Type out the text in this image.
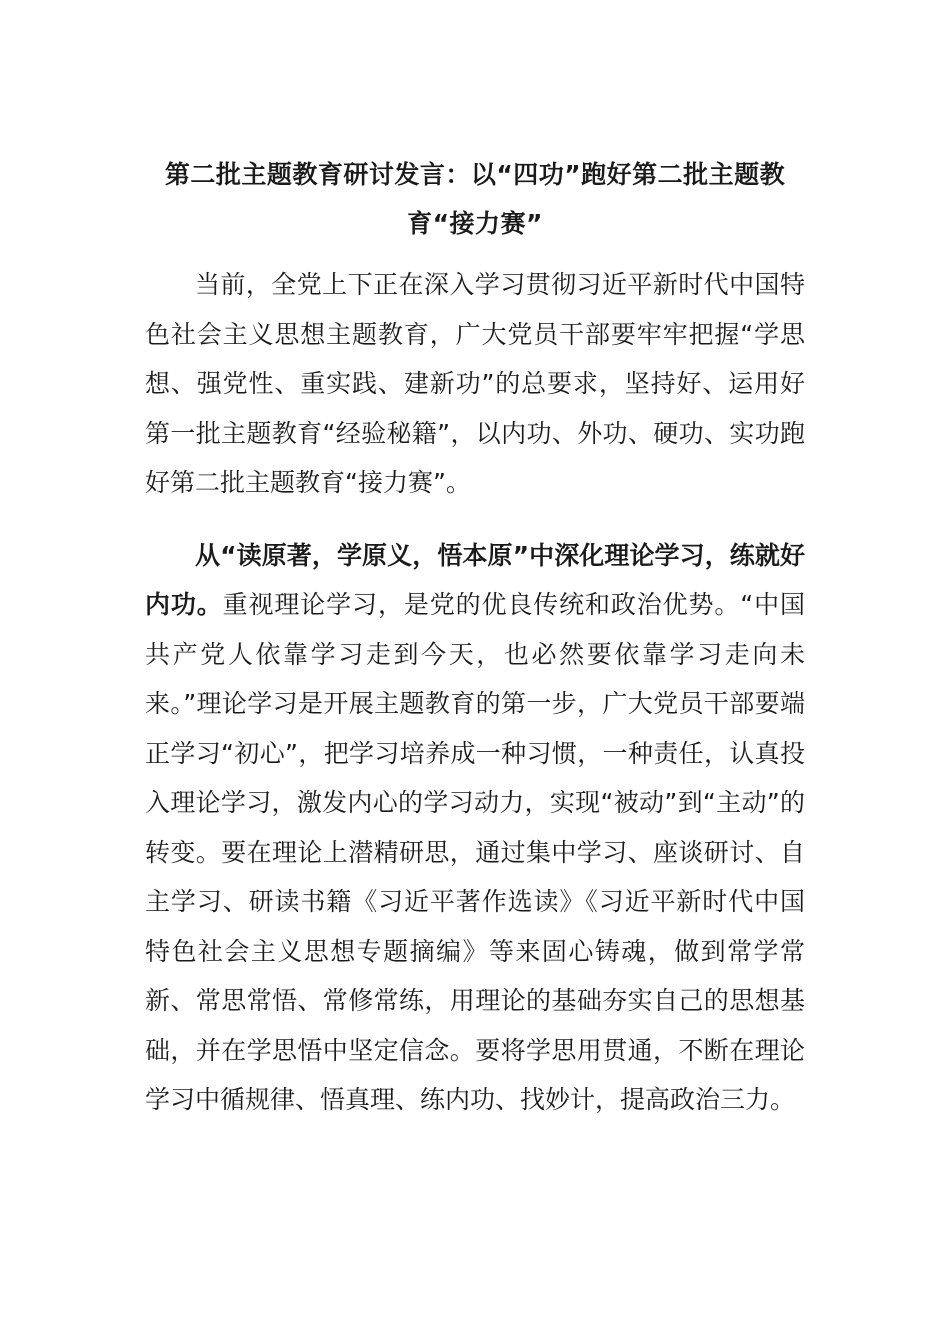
第二批主题教育研讨发言：以“四功”跑好第二批主题教育“接力赛”

当前，全党上下正在深入学习贯彻习近平新时代中国特色社会主义思想主题教育，广大党员干部要牢牢把握“学思想、强党性、重实践、建新功”的总要求，坚持好、运用好第一批主题教育“经验秘籍”，以内功、外功、硬功、实功跑好第二批主题教育“接力赛”。

从“读原著，学原义，悟本原”中深化理论学习，练就好内功。重视理论学习，是党的优良传统和政治优势。“中国共产党人依靠学习走到今天，也必然要依靠学习走向未来。”理论学习是开展主题教育的第一步，广大党员干部要端正学习“初心”，把学习培养成一种习惯，一种责任，认真投入理论学习，激发内心的学习动力，实现“被动”到“主动”的转变。要在理论上潜精研思，通过集中学习、座谈研讨、自主学习、研读书籍《习近平著作选读》《习近平新时代中国特色社会主义思想专题摘编》等来固心铸魂，做到常学常新、常思常悟、常修常练，用理论的基础夯实自己的思想基础，并在学思悟中坚定信念。要将学思用贯通，不断在理论学习中循规律、悟真理、练内功、找妙计，提高政治三力。
